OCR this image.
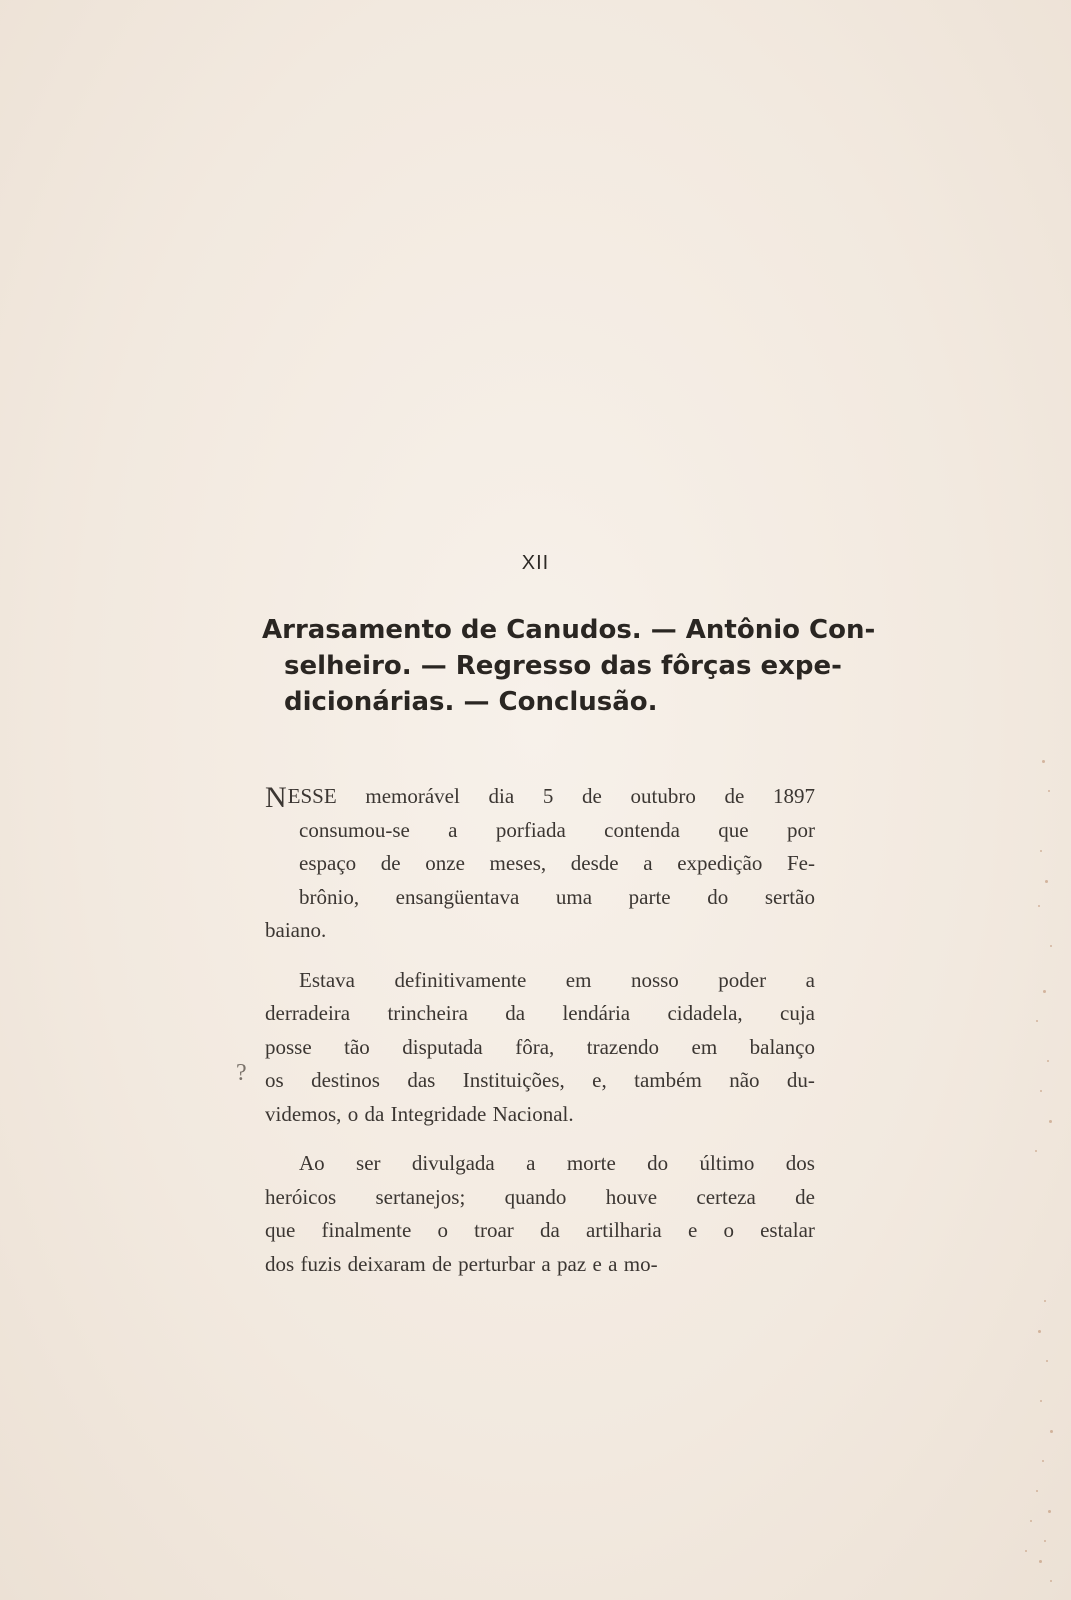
XII
Arrasamento de Canudos. — Antônio Con-
selheiro. — Regresso das fôrças expe-
dicionárias. — Conclusão.
NESSE memorável dia 5 de outubro de 1897
consumou-se a porfiada contenda que por
espaço de onze meses, desde a expedição Fe-
brônio, ensangüentava uma parte do sertão
baiano.
Estava definitivamente em nosso poder a
derradeira trincheira da lendária cidadela, cuja
posse tão disputada fôra, trazendo em balanço
os destinos das Instituições, e, também não du-
videmos, o da Integridade Nacional.
Ao ser divulgada a morte do último dos
heróicos sertanejos; quando houve certeza de
que finalmente o troar da artilharia e o estalar
dos fuzis deixaram de perturbar a paz e a mo-
?
